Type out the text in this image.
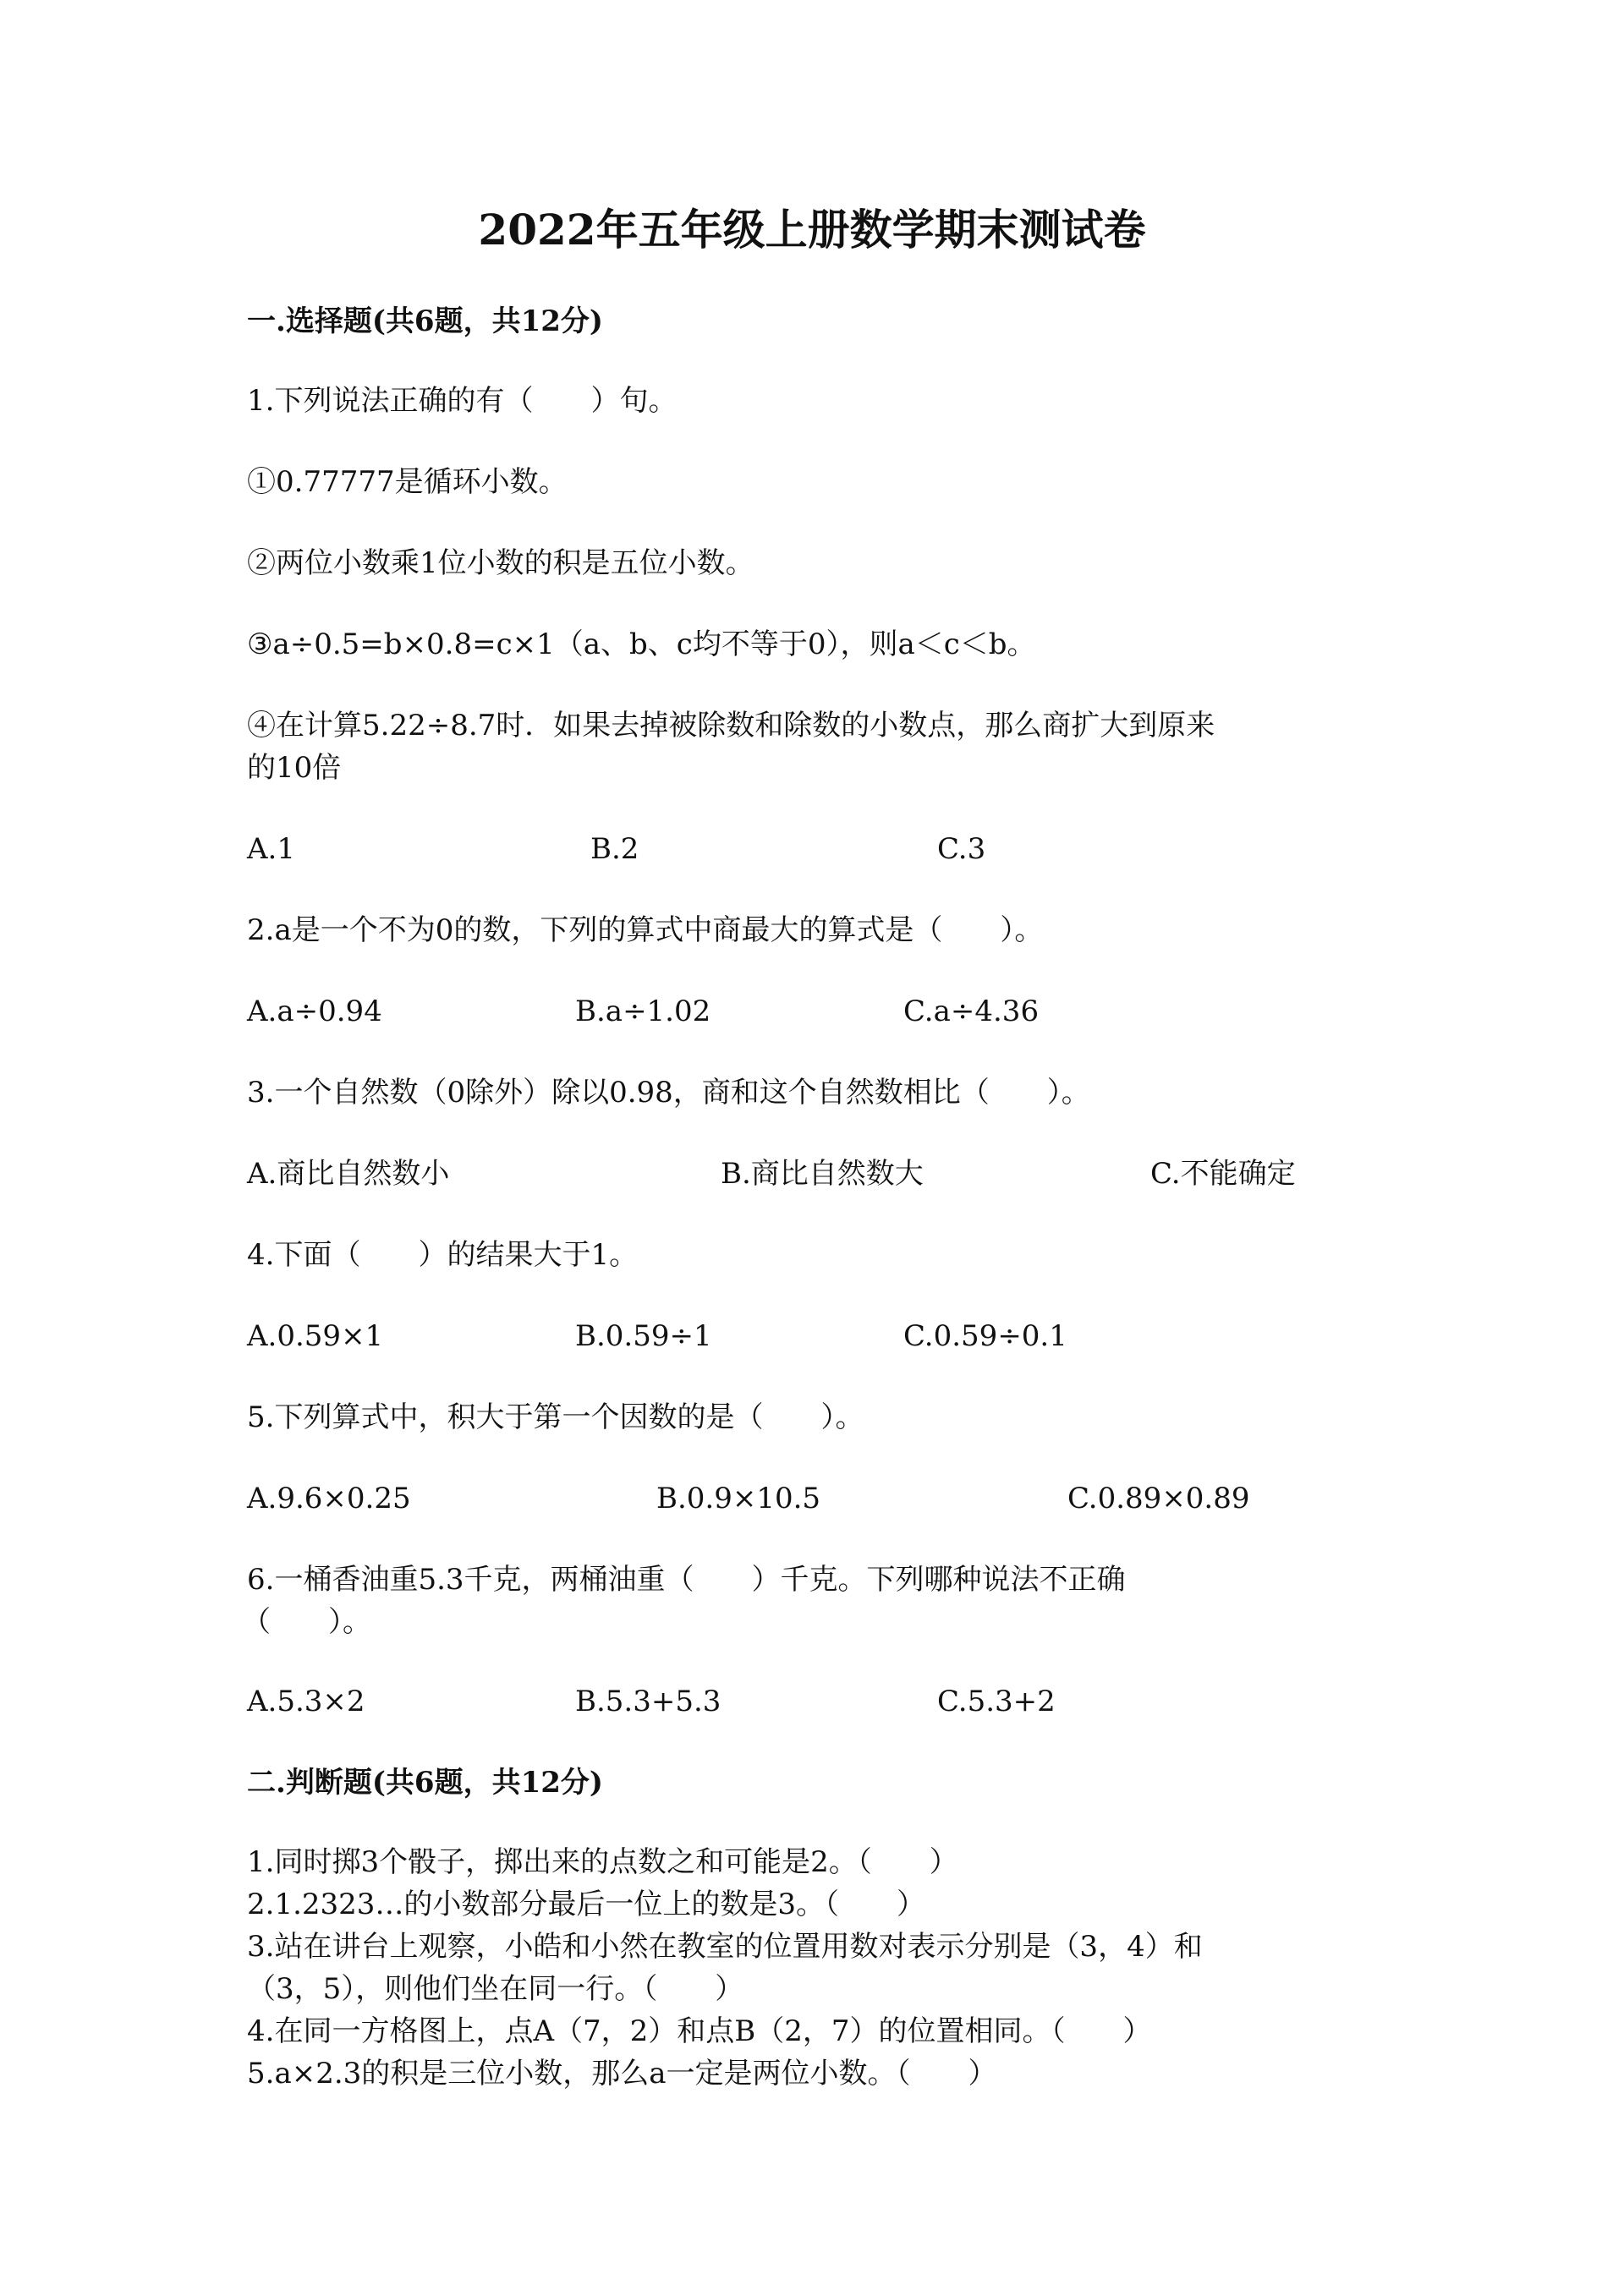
2022年五年级上册数学期末测试卷
一.选择题(共6题，共12分)
1.下列说法正确的有（　　）句。
①0.77777是循环小数。
②两位小数乘1位小数的积是五位小数。
③a÷0.5=b×0.8=c×1（a、b、c均不等于0），则a＜c＜b。
④在计算5.22÷8.7时．如果去掉被除数和除数的小数点，那么商扩大到原来
的10倍
A.1	B.2	C.3
2.a是一个不为0的数，下列的算式中商最大的算式是（　　）。
A.a÷0.94	B.a÷1.02	C.a÷4.36
3.一个自然数（0除外）除以0.98，商和这个自然数相比（　　）。
A.商比自然数小	B.商比自然数大	C.不能确定
4.下面（　　）的结果大于1。
A.0.59×1	B.0.59÷1	C.0.59÷0.1
5.下列算式中，积大于第一个因数的是（　　）。
A.9.6×0.25	B.0.9×10.5	C.0.89×0.89
6.一桶香油重5.3千克，两桶油重（　　）千克。下列哪种说法不正确
（　　）。
A.5.3×2	B.5.3+5.3	C.5.3+2
二.判断题(共6题，共12分)
1.同时掷3个骰子，掷出来的点数之和可能是2。（　　）
2.1.2323…的小数部分最后一位上的数是3。（　　）
3.站在讲台上观察，小皓和小然在教室的位置用数对表示分别是（3，4）和
（3，5），则他们坐在同一行。（　　）
4.在同一方格图上，点A（7，2）和点B（2，7）的位置相同。（　　）
5.a×2.3的积是三位小数，那么a一定是两位小数。（　　）
